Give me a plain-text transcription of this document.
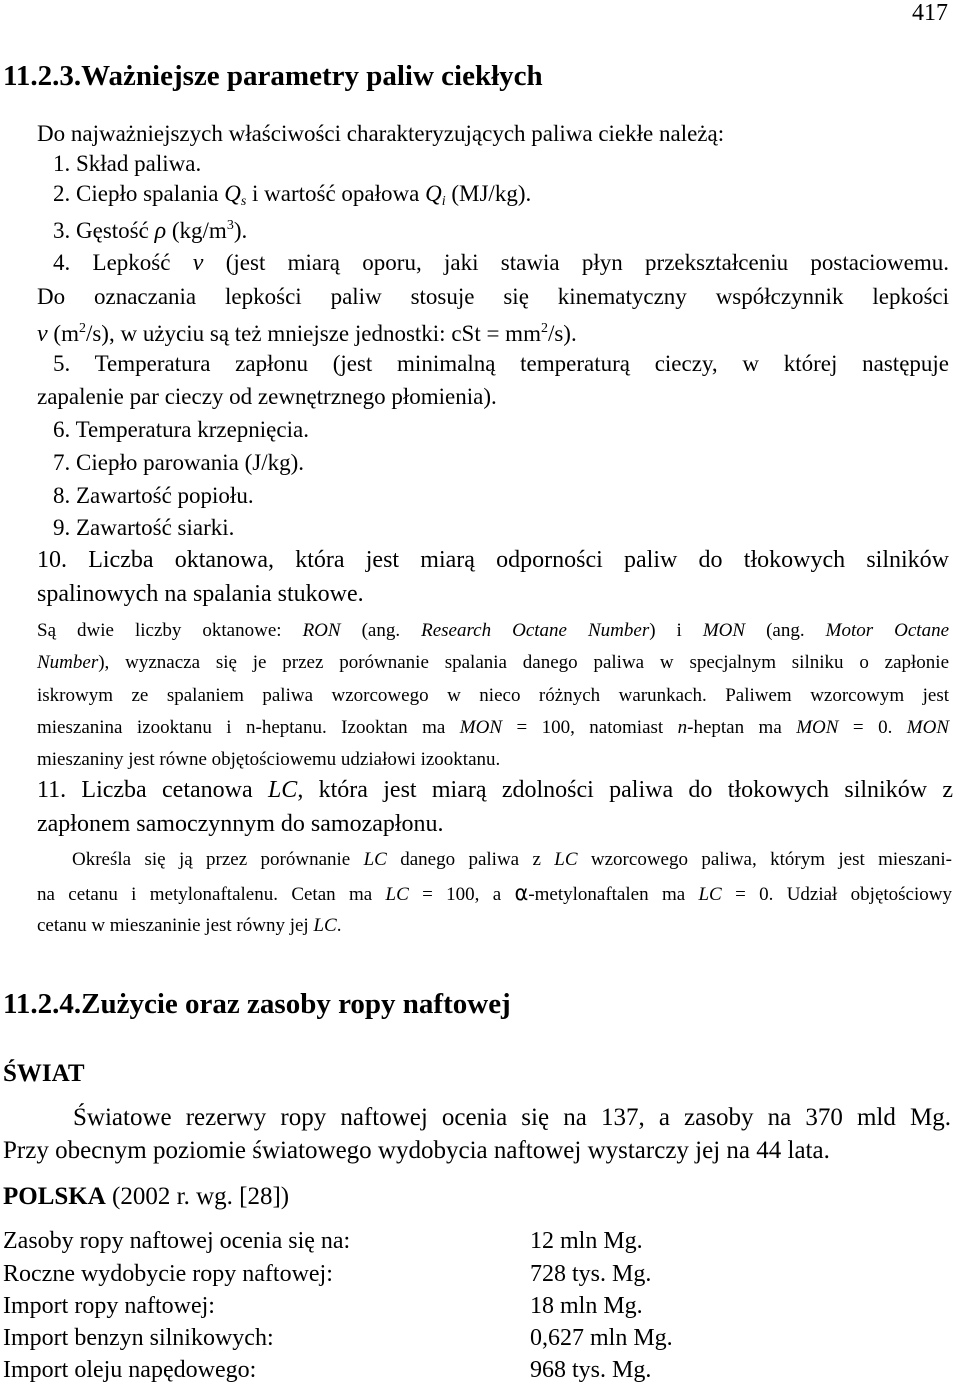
417
11.2.3.Ważniejsze parametry paliw ciekłych
Do najważniejszych właściwości charakteryzujących paliwa ciekłe należą:
1. Skład paliwa.
2. Ciepło spalania $Q_s$ i wartość opałowa $Q_i$ (MJ/kg).
3. Gęstość ρ $(kg/m^3)$.
4. Lepkość ν (jest miarą oporu, jaki stawia płyn przekształceniu postaciowemu.
Do oznaczania lepkości paliw stosuje się kinematyczny współczynnik lepkości
ν $(m^2/s)$, w użyciu są też mniejsze jednostki: cSt = $mm^2/s$).
5. Temperatura zapłonu (jest minimalną temperaturą cieczy, w której następuje
zapalenie par cieczy od zewnętrznego płomienia).
6. Temperatura krzepnięcia.
7. Ciepło parowania (J/kg).
8. Zawartość popiołu.
9. Zawartość siarki.
10. Liczba oktanowa, która jest miarą odporności paliw do tłokowych silników
spalinowych na spalania stukowe.
Są dwie liczby oktanowe: RON (ang. Research Octane Number) i MON (ang. Motor Octane
Number), wyznacza się je przez porównanie spalania danego paliwa w specjalnym silniku o zapłonie
iskrowym ze spalaniem paliwa wzorcowego w nieco różnych warunkach. Paliwem wzorcowym jest
mieszanina izooktanu i n-heptanu. Izooktan ma MON = 100, natomiast n-heptan ma MON = 0. MON
mieszaniny jest równe objętościowemu udziałowi izooktanu.
11. Liczba cetanowa LC, która jest miarą zdolności paliwa do tłokowych silników z
zapłonem samoczynnym do samozapłonu.
Określa się ją przez porównanie LC danego paliwa z LC wzorcowego paliwa, którym jest mieszani-
na cetanu i metylonaftalenu. Cetan ma LC = 100, a α-metylonaftalen ma LC = 0. Udział objętościowy
cetanu w mieszaninie jest równy jej LC.
11.2.4.Zużycie oraz zasoby ropy naftowej
ŚWIAT
Światowe rezerwy ropy naftowej ocenia się na 137, a zasoby na 370 mld Mg.
Przy obecnym poziomie światowego wydobycia naftowej wystarczy jej na 44 lata.
POLSKA (2002 r. wg. [28])
Zasoby ropy naftowej ocenia się na:	12 mln Mg.
Roczne wydobycie ropy naftowej:	728 tys. Mg.
Import ropy naftowej:	18 mln Mg.
Import benzyn silnikowych:	0,627 mln Mg.
Import oleju napędowego:	968 tys. Mg.
